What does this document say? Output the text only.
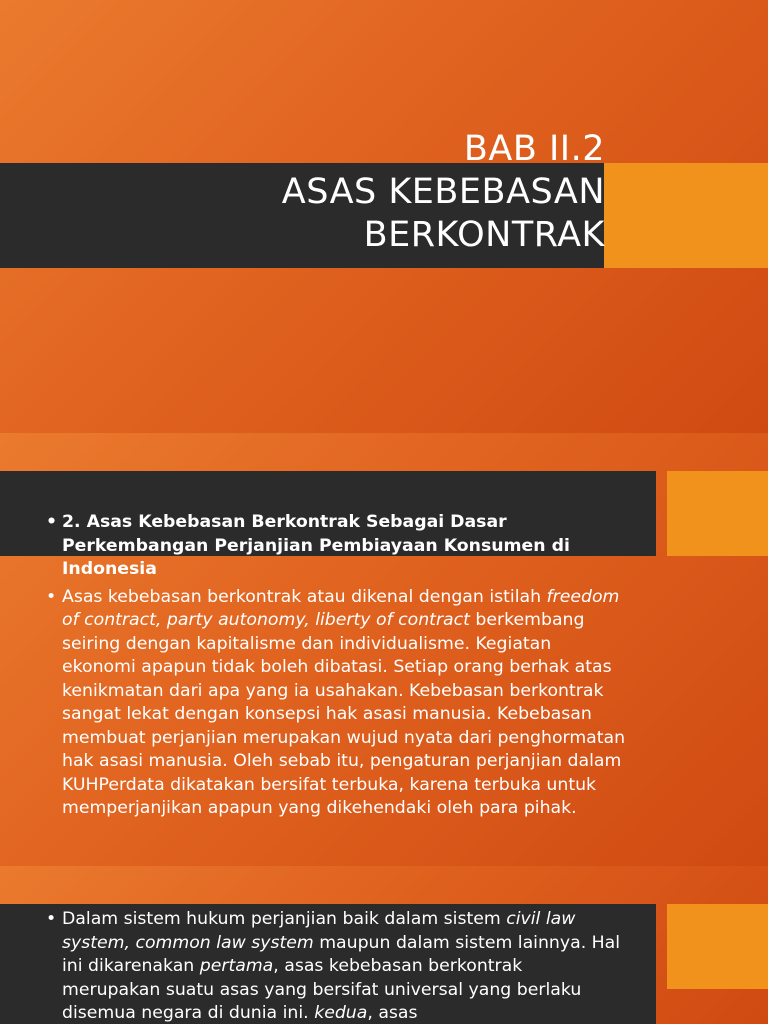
BAB II.2
ASAS KEBEBASAN
BERKONTRAK
• 2. Asas Kebebasan Berkontrak Sebagai Dasar Perkembangan Perjanjian Pembiayaan Konsumen di Indonesia
• Asas kebebasan berkontrak atau dikenal dengan istilah freedom of contract, party autonomy, liberty of contract berkembang seiring dengan kapitalisme dan individualisme. Kegiatan ekonomi apapun tidak boleh dibatasi. Setiap orang berhak atas kenikmatan dari apa yang ia usahakan. Kebebasan berkontrak sangat lekat dengan konsepsi hak asasi manusia. Kebebasan membuat perjanjian merupakan wujud nyata dari penghormatan hak asasi manusia. Oleh sebab itu, pengaturan perjanjian dalam KUHPerdata dikatakan bersifat terbuka, karena terbuka untuk memperjanjikan apapun yang dikehendaki oleh para pihak.
• Dalam sistem hukum perjanjian baik dalam sistem civil law system, common law system maupun dalam sistem lainnya. Hal ini dikarenakan pertama, asas kebebasan berkontrak merupakan suatu asas yang bersifat universal yang berlaku disemua negara di dunia ini. kedua, asas
